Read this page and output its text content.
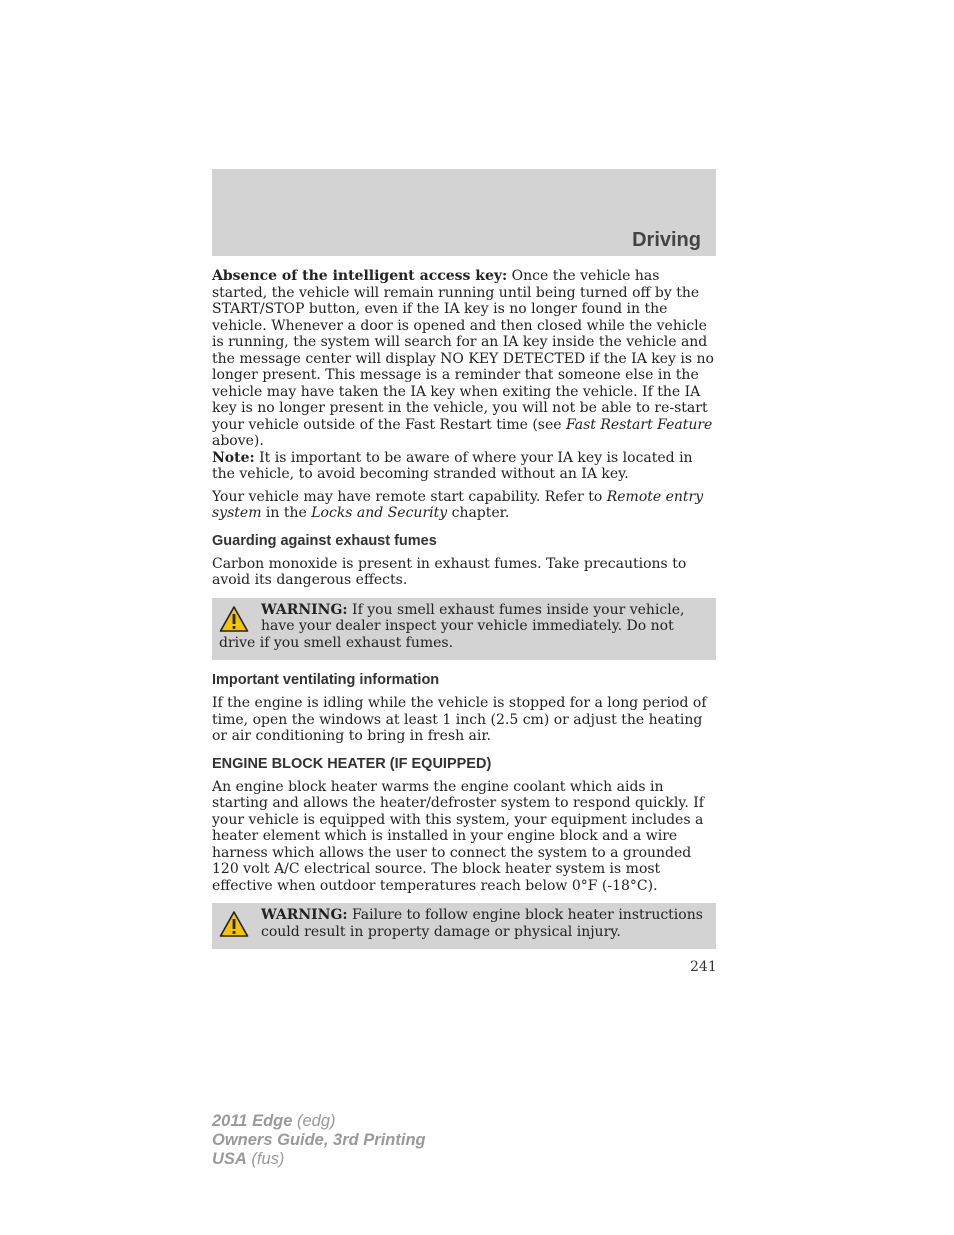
Driving

Absence of the intelligent access key: Once the vehicle has started, the vehicle will remain running until being turned off by the START/STOP button, even if the IA key is no longer found in the vehicle. Whenever a door is opened and then closed while the vehicle is running, the system will search for an IA key inside the vehicle and the message center will display NO KEY DETECTED if the IA key is no longer present. This message is a reminder that someone else in the vehicle may have taken the IA key when exiting the vehicle. If the IA key is no longer present in the vehicle, you will not be able to re-start your vehicle outside of the Fast Restart time (see Fast Restart Feature above).
Note: It is important to be aware of where your IA key is located in the vehicle, to avoid becoming stranded without an IA key.

Your vehicle may have remote start capability. Refer to Remote entry system in the Locks and Security chapter.

Guarding against exhaust fumes

Carbon monoxide is present in exhaust fumes. Take precautions to avoid its dangerous effects.

WARNING: If you smell exhaust fumes inside your vehicle, have your dealer inspect your vehicle immediately. Do not drive if you smell exhaust fumes.
Important ventilating information

If the engine is idling while the vehicle is stopped for a long period of time, open the windows at least 1 inch (2.5 cm) or adjust the heating or air conditioning to bring in fresh air.

ENGINE BLOCK HEATER (IF EQUIPPED)

An engine block heater warms the engine coolant which aids in starting and allows the heater/defroster system to respond quickly. If your vehicle is equipped with this system, your equipment includes a heater element which is installed in your engine block and a wire harness which allows the user to connect the system to a grounded 120 volt A/C electrical source. The block heater system is most effective when outdoor temperatures reach below 0°F (-18°C).

WARNING: Failure to follow engine block heater instructions could result in property damage or physical injury.
241
2011 Edge (edg)
Owners Guide, 3rd Printing
USA (fus)
